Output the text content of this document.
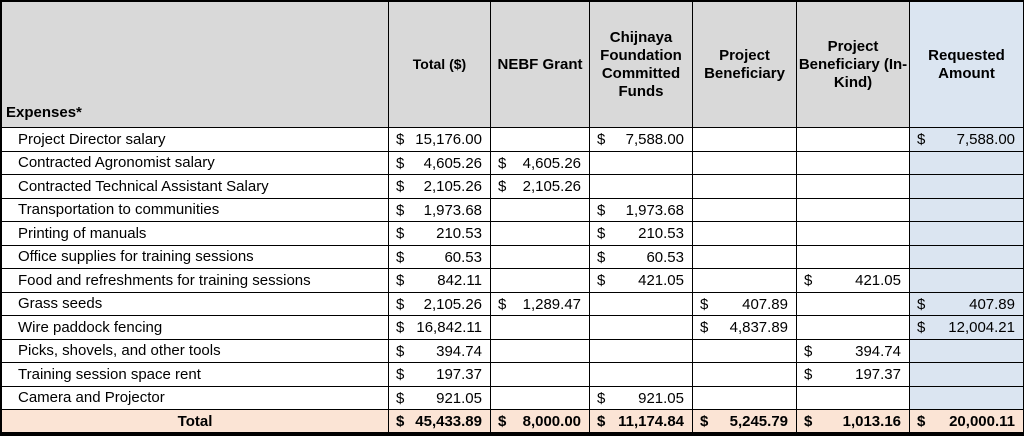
Expenses*	Total ($)	NEBF Grant	Chijnaya Foundation Committed Funds	Project Beneficiary	Project Beneficiary (In-Kind)	Requested Amount
Project Director salary	$ 15,176.00		$ 7,588.00			$ 7,588.00

Contracted Agronomist salary	$ 4,605.26	$ 4,605.26				

Contracted Technical Assistant Salary	$ 2,105.26	$ 2,105.26				

Transportation to communities	$ 1,973.68		$ 1,973.68			

Printing of manuals	$ 210.53		$ 210.53			

Office supplies for training sessions	$ 60.53		$ 60.53			

Food and refreshments for training sessions	$ 842.11		$ 421.05		$ 421.05	

Grass seeds	$ 2,105.26	$ 1,289.47		$ 407.89		$ 407.89

Wire paddock fencing	$ 16,842.11			$ 4,837.89		$ 12,004.21

Picks, shovels, and other tools	$ 394.74				$ 394.74	

Training session space rent	$ 197.37				$ 197.37	

Camera and Projector	$ 921.05		$ 921.05			

Total	$ 45,433.89	$ 8,000.00	$ 11,174.84	$ 5,245.79	$ 1,013.16	$ 20,000.11
